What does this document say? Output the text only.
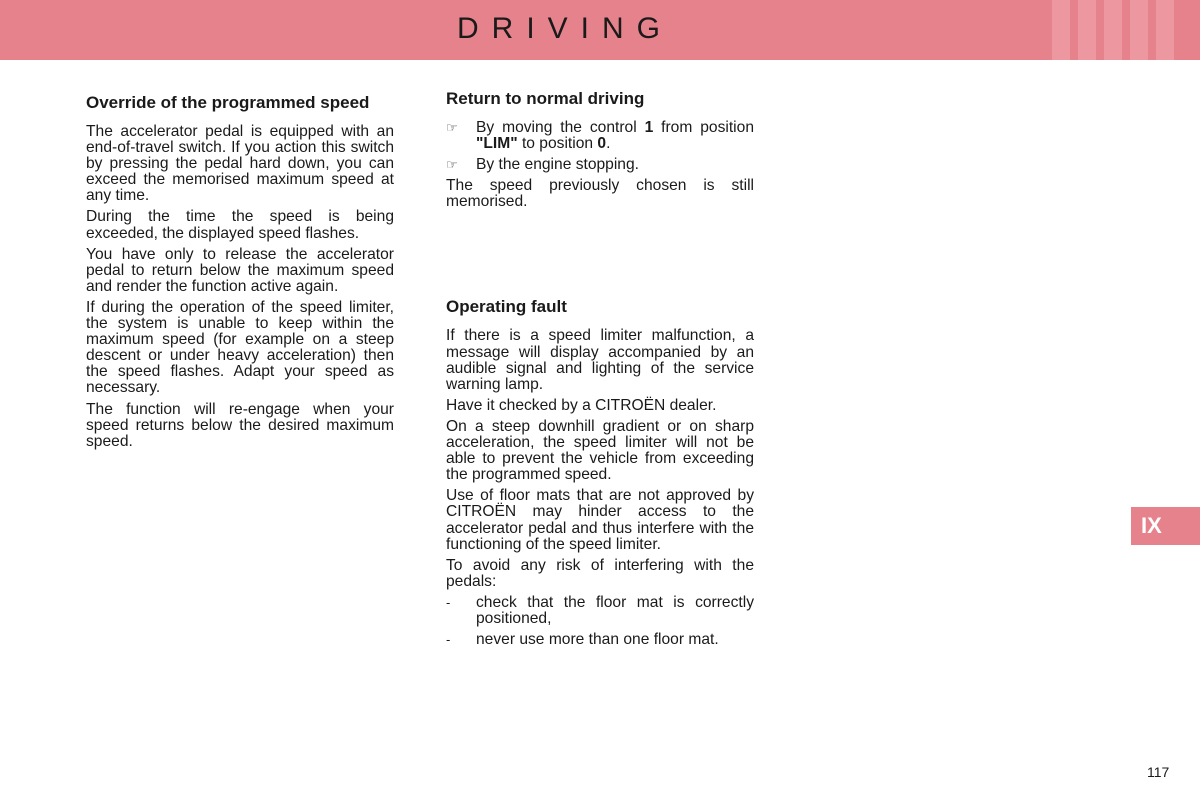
DRIVING
Override of the programmed speed

The accelerator pedal is equipped with an end-of-travel switch. If you action this switch by pressing the pedal hard down, you can exceed the memorised maximum speed at any time.

During the time the speed is being exceeded, the displayed speed flashes.

You have only to release the accelerator pedal to return below the maximum speed and render the function active again.

If during the operation of the speed limiter, the system is unable to keep within the maximum speed (for example on a steep descent or under heavy acceleration) then the speed flashes. Adapt your speed as necessary.

The function will re-engage when your speed returns below the desired maximum speed.

Return to normal driving
☞	By moving the control 1 from position "LIM" to position 0.
☞	By the engine stopping.

The speed previously chosen is still memorised.

Operating fault

If there is a speed limiter malfunction, a message will display accompanied by an audible signal and lighting of the service warning lamp.

Have it checked by a CITROËN dealer.

On a steep downhill gradient or on sharp acceleration, the speed limiter will not be able to prevent the vehicle from exceeding the programmed speed.

Use of floor mats that are not approved by CITROËN may hinder access to the accelerator pedal and thus interfere with the functioning of the speed limiter.

To avoid any risk of interfering with the pedals:

-	check that the floor mat is correctly positioned,
-	never use more than one floor mat.
IX
117
